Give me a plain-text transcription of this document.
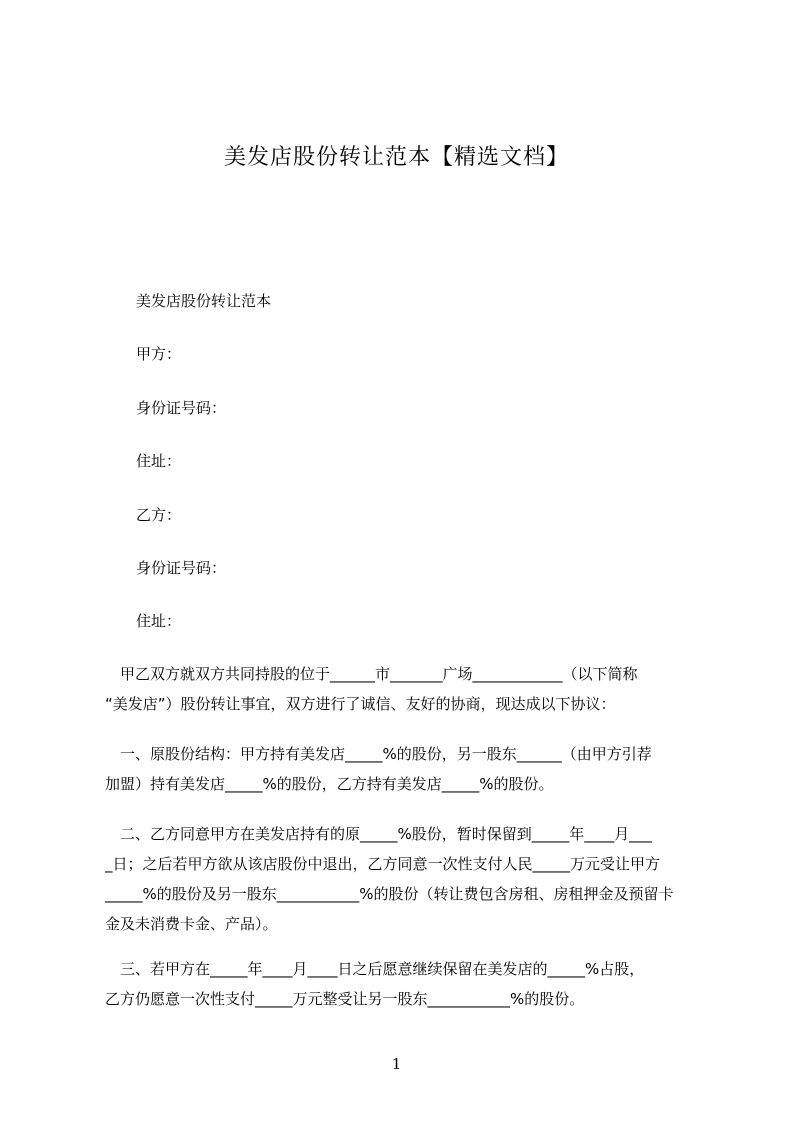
美发店股份转让范本【精选文档】
美发店股份转让范本
甲方：
身份证号码：
住址：
乙方：
身份证号码：
住址：
　甲乙双方就双方共同持股的位于______市_______广场____________（以下简称
“美发店”）股份转让事宜，双方进行了诚信、友好的协商，现达成以下协议：
　一、原股份结构：甲方持有美发店_____%的股份，另一股东______（由甲方引荐
加盟）持有美发店_____%的股份，乙方持有美发店_____%的股份。
　二、乙方同意甲方在美发店持有的原_____%股份，暂时保留到_____年____月___
_日；之后若甲方欲从该店股份中退出，乙方同意一次性支付人民_____万元受让甲方
_____%的股份及另一股东___________%的股份（转让费包含房租、房租押金及预留卡
金及未消费卡金、产品）。
　三、若甲方在_____年____月____日之后愿意继续保留在美发店的_____%占股，
乙方仍愿意一次性支付_____万元整受让另一股东___________%的股份。
1
